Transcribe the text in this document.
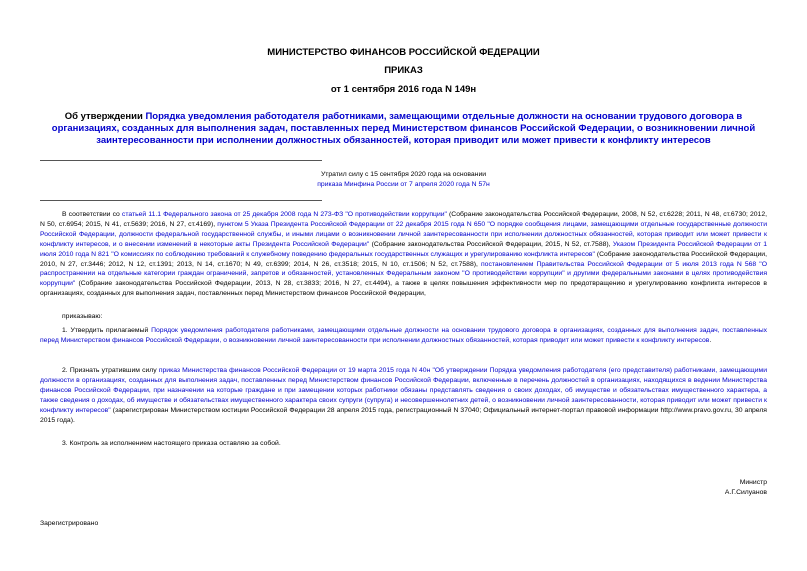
МИНИСТЕРСТВО ФИНАНСОВ РОССИЙСКОЙ ФЕДЕРАЦИИ
ПРИКАЗ
от 1 сентября 2016 года N 149н
Об утверждении Порядка уведомления работодателя работниками, замещающими отдельные должности на основании трудового договора в организациях, созданных для выполнения задач, поставленных перед Министерством финансов Российской Федерации, о возникновении личной заинтересованности при исполнении должностных обязанностей, которая приводит или может привести к конфликту интересов
Утратил силу с 15 сентября 2020 года на основании
приказа Минфина России от 7 апреля 2020 года N 57н
В соответствии со статьей 11.1 Федерального закона от 25 декабря 2008 года N 273-ФЗ "О противодействии коррупции" (Собрание законодательства Российской Федерации, 2008, N 52, ст.6228; 2011, N 48, ст.6730; 2012, N 50, ст.6954; 2015, N 41, ст.5639; 2016, N 27, ст.4169), пунктом 5 Указа Президента Российской Федерации от 22 декабря 2015 года N 650 "О порядке сообщения лицами, замещающими отдельные государственные должности Российской Федерации, должности федеральной государственной службы, и иными лицами о возникновении личной заинтересованности при исполнении должностных обязанностей, которая приводит или может привести к конфликту интересов, и о внесении изменений в некоторые акты Президента Российской Федерации" (Собрание законодательства Российской Федерации, 2015, N 52, ст.7588), Указом Президента Российской Федерации от 1 июля 2010 года N 821 "О комиссиях по соблюдению требований к служебному поведению федеральных государственных служащих и урегулированию конфликта интересов" (Собрание законодательства Российской Федерации, 2010, N 27, ст.3446; 2012, N 12, ст.1391; 2013, N 14, ст.1670; N 49, ст.6399; 2014, N 26, ст.3518; 2015, N 10, ст.1506; N 52, ст.7588), постановлением Правительства Российской Федерации от 5 июля 2013 года N 568 "О распространении на отдельные категории граждан ограничений, запретов и обязанностей, установленных Федеральным законом "О противодействии коррупции" и другими федеральными законами в целях противодействия коррупции" (Собрание законодательства Российской Федерации, 2013, N 28, ст.3833; 2016, N 27, ст.4494), а также в целях повышения эффективности мер по предотвращению и урегулированию конфликта интересов в организациях, созданных для выполнения задач, поставленных перед Министерством финансов Российской Федерации,
приказываю:
1. Утвердить прилагаемый Порядок уведомления работодателя работниками, замещающими отдельные должности на основании трудового договора в организациях, созданных для выполнения задач, поставленных перед Министерством финансов Российской Федерации, о возникновении личной заинтересованности при исполнении должностных обязанностей, которая приводит или может привести к конфликту интересов.
2. Признать утратившим силу приказ Министерства финансов Российской Федерации от 19 марта 2015 года N 40н "Об утверждении Порядка уведомления работодателя (его представителя) работниками, замещающими должности в организациях, созданных для выполнения задач, поставленных перед Министерством финансов Российской Федерации, включенные в перечень должностей в организациях, находящихся в ведении Министерства финансов Российской Федерации, при назначении на которые граждане и при замещении которых работники обязаны представлять сведения о своих доходах, об имуществе и обязательствах имущественного характера, а также сведения о доходах, об имуществе и обязательствах имущественного характера своих супруги (супруга) и несовершеннолетних детей, о возникновении личной заинтересованности, которая приводит или может привести к конфликту интересов" (зарегистрирован Министерством юстиции Российской Федерации 28 апреля 2015 года, регистрационный N 37040; Официальный интернет-портал правовой информации http://www.pravo.gov.ru, 30 апреля 2015 года).
3. Контроль за исполнением настоящего приказа оставляю за собой.
Министр
А.Г.Силуанов
Зарегистрировано
